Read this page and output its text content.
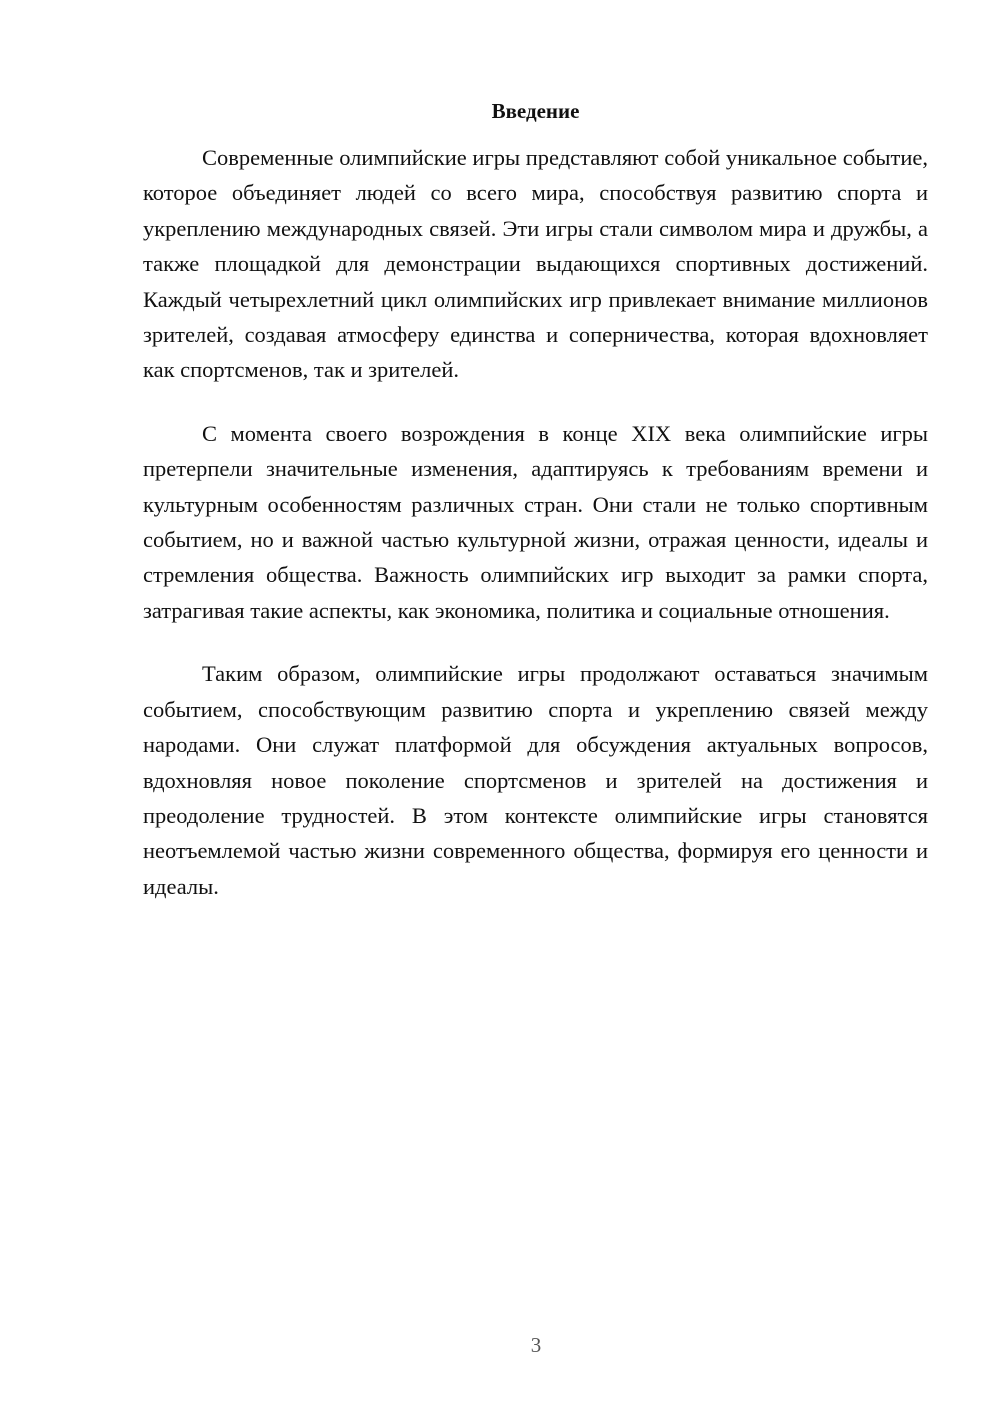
Введение

Современные олимпийские игры представляют собой уникальное событие, которое объединяет людей со всего мира, способствуя развитию спорта и укреплению международных связей. Эти игры стали символом мира и дружбы, а также площадкой для демонстрации выдающихся спортивных достижений. Каждый четырехлетний цикл олимпийских игр привлекает внимание миллионов зрителей, создавая атмосферу единства и соперничества, которая вдохновляет как спортсменов, так и зрителей.

С момента своего возрождения в конце XIX века олимпийские игры претерпели значительные изменения, адаптируясь к требованиям времени и культурным особенностям различных стран. Они стали не только спортивным событием, но и важной частью культурной жизни, отражая ценности, идеалы и стремления общества. Важность олимпийских игр выходит за рамки спорта, затрагивая такие аспекты, как экономика, политика и социальные отношения.

Таким образом, олимпийские игры продолжают оставаться значимым событием, способствующим развитию спорта и укреплению связей между народами. Они служат платформой для обсуждения актуальных вопросов, вдохновляя новое поколение спортсменов и зрителей на достижения и преодоление трудностей. В этом контексте олимпийские игры становятся неотъемлемой частью жизни современного общества, формируя его ценности и идеалы.

3
